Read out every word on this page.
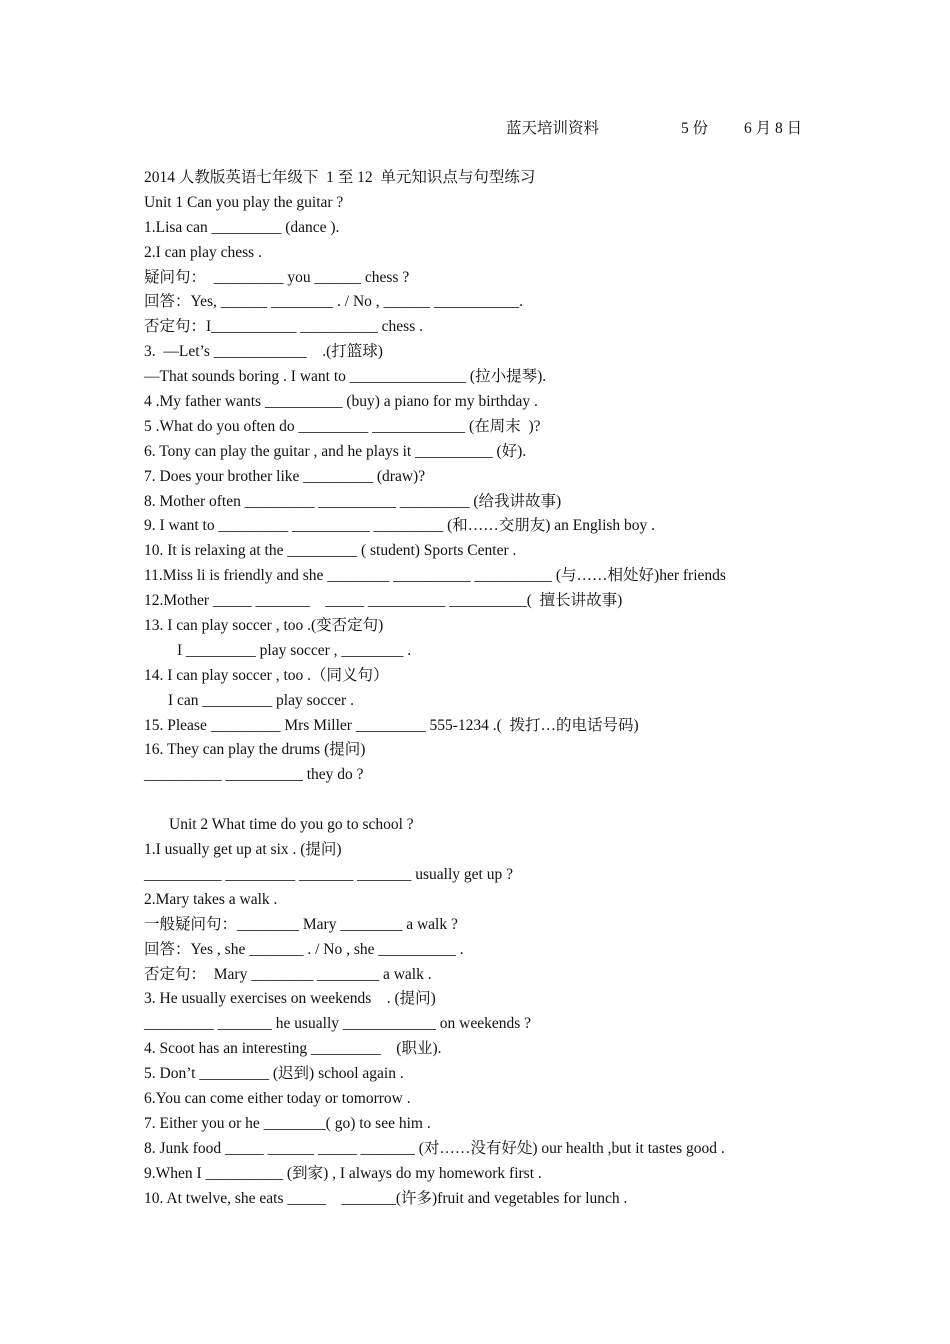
蓝天培训资料	5 份 6 月 8 日
2014 人教版英语七年级下  1 至 12  单元知识点与句型练习
Unit 1 Can you play the guitar ?
1.Lisa can _________ (dance ).
2.I can play chess .
疑问句：  _________ you ______ chess ?
回答：Yes, ______ ________ . / No , ______ ___________.
否定句：I___________ __________ chess .
3.  —Let’s ____________    .(打篮球)
—That sounds boring . I want to _______________ (拉小提琴).
4 .My father wants __________ (buy) a piano for my birthday .
5 .What do you often do _________ ____________ (在周末  )?
6. Tony can play the guitar , and he plays it __________ (好).
7. Does your brother like _________ (draw)?
8. Mother often _________ __________ _________ (给我讲故事)
9. I want to _________ __________ _________ (和……交朋友) an English boy .
10. It is relaxing at the _________ ( student) Sports Center .
11.Miss li is friendly and she ________ __________ __________ (与……相处好)her friends
12.Mother _____ _______    _____ __________ __________(  擅长讲故事)
13. I can play soccer , too .(变否定句)
I _________ play soccer , ________ .
14. I can play soccer , too .（同义句）
I can _________ play soccer .
15. Please _________ Mrs Miller _________ 555-1234 .(  拨打…的电话号码)
16. They can play the drums (提问)
__________ __________ they do ?
Unit 2 What time do you go to school ?
1.I usually get up at six . (提问)
__________ _________ _______ _______ usually get up ?
2.Mary takes a walk .
一般疑问句：________ Mary ________ a walk ?
回答：Yes , she _______ . / No , she __________ .
否定句：  Mary ________ ________ a walk .
3. He usually exercises on weekends    . (提问)
_________ _______ he usually ____________ on weekends ?
4. Scoot has an interesting _________    (职业).
5. Don’t _________ (迟到) school again .
6.You can come either today or tomorrow .
7. Either you or he ________( go) to see him .
8. Junk food _____ ______ _____ _______ (对……没有好处) our health ,but it tastes good .
9.When I __________ (到家) , I always do my homework first .
10. At twelve, she eats _____    _______(许多)fruit and vegetables for lunch .
